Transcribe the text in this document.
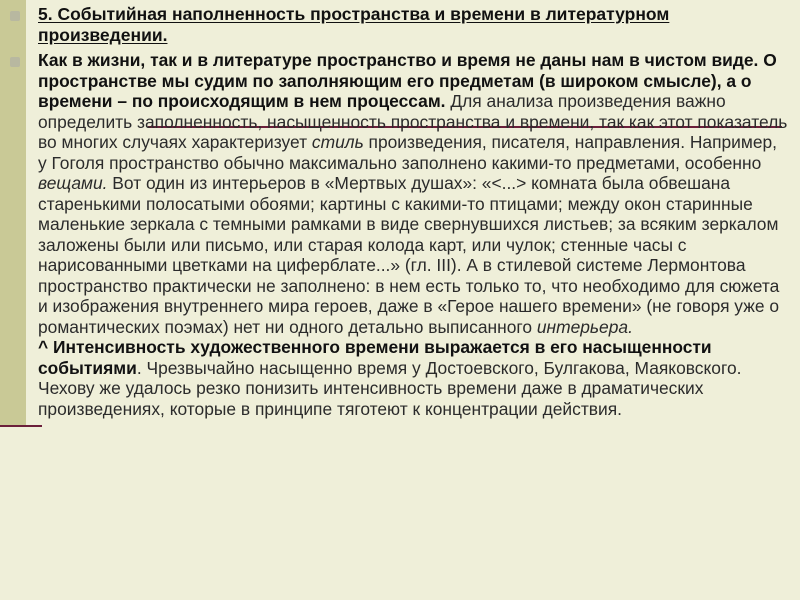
5. Событийная наполненность пространства и времени в литературном произведении.
Как в жизни, так и в литературе пространство и время не даны нам в чистом виде. О пространстве мы судим по заполняющим его предметам (в широком смысле), а о времени – по происходящим в нем процессам. Для анализа произведения важно определить заполненность, насыщенность пространства и времени, так как этот показатель во многих случаях характеризует стиль произведения, писателя, направления. Например, у Гоголя пространство обычно максимально заполнено какими-то предметами, особенно вещами. Вот один из интерьеров в «Мертвых душах»: «<...> комната была обвешана старенькими полосатыми обоями; картины с какими-то птицами; между окон старинные маленькие зеркала с темными рамками в виде свернувшихся листьев; за всяким зеркалом заложены были или письмо, или старая колода карт, или чулок; стенные часы с нарисованными цветками на циферблате...» (гл. III). А в стилевой системе Лермонтова пространство практически не заполнено: в нем есть только то, что необходимо для сюжета и изображения внутреннего мира героев, даже в «Герое нашего времени» (не говоря уже о романтических поэмах) нет ни одного детально выписанного интерьера.
^ Интенсивность художественного времени выражается в его насыщенности событиями. Чрезвычайно насыщенно время у Достоевского, Булгакова, Маяковского. Чехову же удалось резко понизить интенсивность времени даже в драматических произведениях, которые в принципе тяготеют к концентрации действия.
